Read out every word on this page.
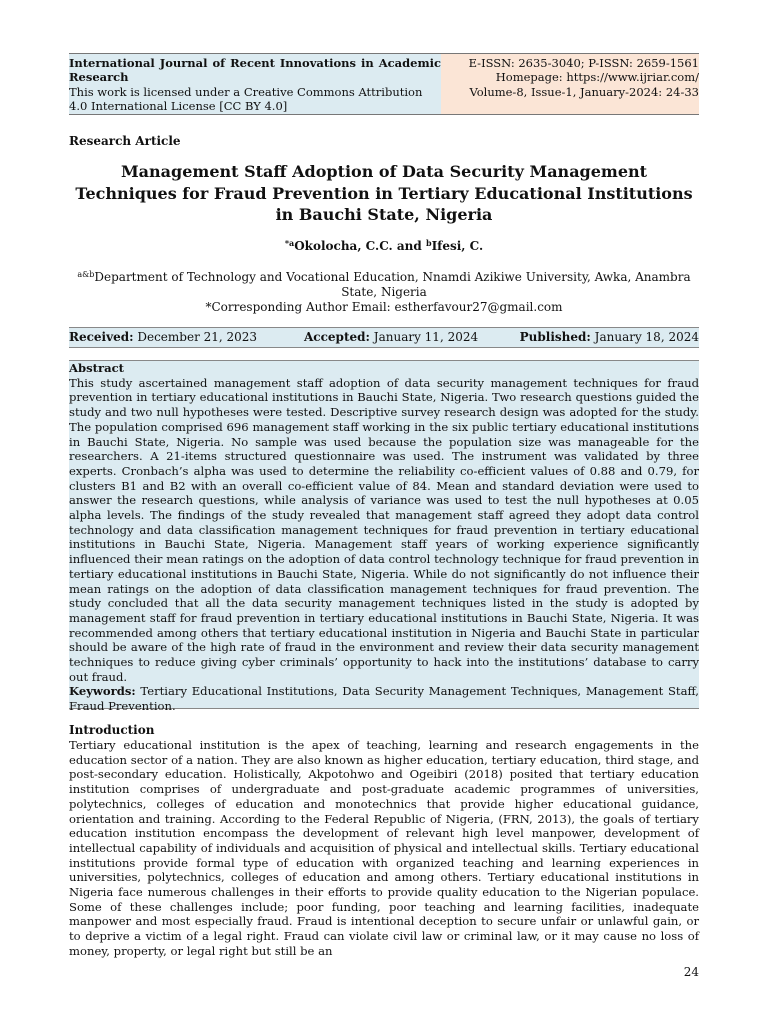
International Journal of Recent Innovations in Academic Research
This work is licensed under a Creative Commons Attribution 4.0 International License [CC BY 4.0]
E-ISSN: 2635-3040; P-ISSN: 2659-1561
Homepage: https://www.ijriar.com/
Volume-8, Issue-1, January-2024: 24-33
Research Article
Management Staff Adoption of Data Security Management Techniques for Fraud Prevention in Tertiary Educational Institutions in Bauchi State, Nigeria
$^{*a}$Okolocha, C.C. and $^b$Ifesi, C.
$^{a\&b}$Department of Technology and Vocational Education, Nnamdi Azikiwe University, Awka, Anambra State, Nigeria
*Corresponding Author Email: estherfavour27@gmail.com
Received: December 21, 2023	Accepted: January 11, 2024	Published: January 18, 2024
Abstract

This study ascertained management staff adoption of data security management techniques for fraud prevention in tertiary educational institutions in Bauchi State, Nigeria. Two research questions guided the study and two null hypotheses were tested. Descriptive survey research design was adopted for the study. The population comprised 696 management staff working in the six public tertiary educational institutions in Bauchi State, Nigeria. No sample was used because the population size was manageable for the researchers. A 21-items structured questionnaire was used. The instrument was validated by three experts. Cronbach’s alpha was used to determine the reliability co-efficient values of 0.88 and 0.79, for clusters B1 and B2 with an overall co-efficient value of 84. Mean and standard deviation were used to answer the research questions, while analysis of variance was used to test the null hypotheses at 0.05 alpha levels. The findings of the study revealed that management staff agreed they adopt data control technology and data classification management techniques for fraud prevention in tertiary educational institutions in Bauchi State, Nigeria. Management staff years of working experience significantly influenced their mean ratings on the adoption of data control technology technique for fraud prevention in tertiary educational institutions in Bauchi State, Nigeria. While do not significantly do not influence their mean ratings on the adoption of data classification management techniques for fraud prevention. The study concluded that all the data security management techniques listed in the study is adopted by management staff for fraud prevention in tertiary educational institutions in Bauchi State, Nigeria. It was recommended among others that tertiary educational institution in Nigeria and Bauchi State in particular should be aware of the high rate of fraud in the environment and review their data security management techniques to reduce giving cyber criminals’ opportunity to hack into the institutions’ database to carry out fraud.

Keywords: Tertiary Educational Institutions, Data Security Management Techniques, Management Staff, Fraud Prevention.

Introduction

Tertiary educational institution is the apex of teaching, learning and research engagements in the education sector of a nation. They are also known as higher education, tertiary education, third stage, and post-secondary education. Holistically, Akpotohwo and Ogeibiri (2018) posited that tertiary education institution comprises of undergraduate and post-graduate academic programmes of universities, polytechnics, colleges of education and monotechnics that provide higher educational guidance, orientation and training. According to the Federal Republic of Nigeria, (FRN, 2013), the goals of tertiary education institution encompass the development of relevant high level manpower, development of intellectual capability of individuals and acquisition of physical and intellectual skills. Tertiary educational institutions provide formal type of education with organized teaching and learning experiences in universities, polytechnics, colleges of education and among others. Tertiary educational institutions in Nigeria face numerous challenges in their efforts to provide quality education to the Nigerian populace. Some of these challenges include; poor funding, poor teaching and learning facilities, inadequate manpower and most especially fraud. Fraud is intentional deception to secure unfair or unlawful gain, or to deprive a victim of a legal right. Fraud can violate civil law or criminal law, or it may cause no loss of money, property, or legal right but still be an

24
